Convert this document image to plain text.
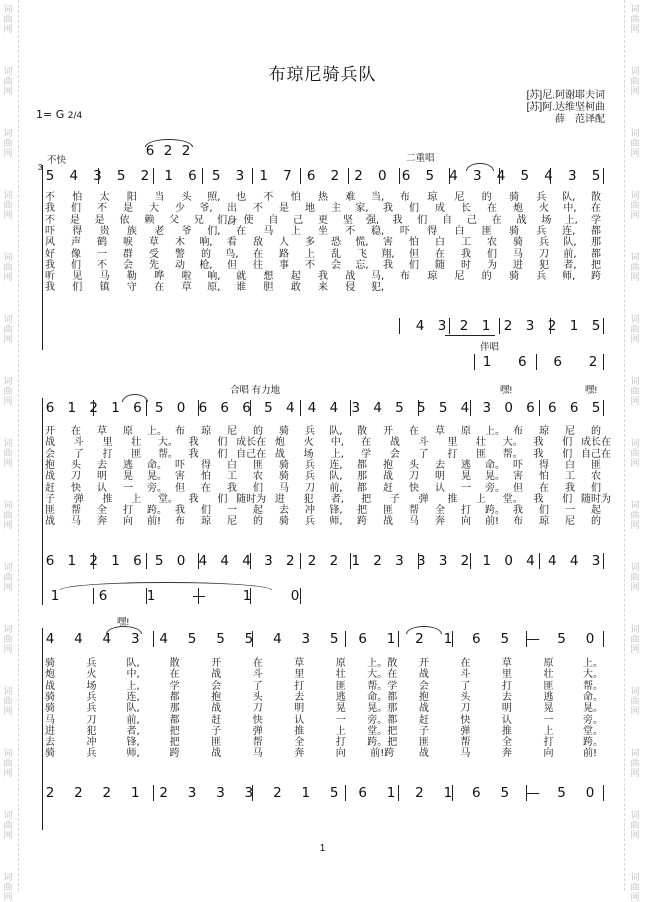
词
曲
网
词
曲
网
词
曲
网
词
曲
网
词
曲
网
词
曲
网
词
曲
网
词
曲
网
词
曲
网
词
曲
网
词
曲
网
词
曲
网
词
曲
网
词
曲
网
词
曲
网
词
曲
网
词
曲
网
词
曲
网
词
曲
网
词
曲
网
词
曲
网
词
曲
网
词
曲
网
词
曲
网
词
曲
网
词
曲
网
词
曲
网
词
曲
网
词
曲
网
词
曲
网
布琼尼骑兵队
[苏]尼.阿谢耶夫词
[苏]阿.达维坚柯曲
薛　范译配
1= G 2/4
不快
3
二重唱
伴唱
合唱 有力地	嘿!	嘿!
嘿!
5 4 3 5 2 1 6 5 3 1 7 6 2 2 0 6 5 4 3 4 5 4 3 5
6 2 2
不 怕 太 阳 当 头 照, 也 不 怕 热 难 当, 布 琼 尼 的 骑 兵 队, 散
我 们 不 是 大 少 爷, 出身
不 是 地 主 家, 我 们 成 长 在 炮 火 中, 在
不 是 是 依 赖 父 兄 们, 使 自 己 更 坚 强, 我 们 自 己 在 战 场 上, 学
吓 得 贵 族 老 爷 们, 在 马 上 坐 不 稳, 吓 得 白 匪 骑 兵 连, 都
风 声 鹤 唳 草 木 响, 看 敌 人 多 恐 慌, 害 怕 白 工 农 骑 兵 队, 那
好 像 一 群 受 警 的 鸟, 在 路 上 乱 飞 翔, 但 在 我 们 马 刀 前, 都
我 们 不 会 先 动 枪, 但 往 事 不 会 忘, 我 们 随 时 为 进 犯 者, 把
听 见 马 勒 哗 啦 响, 就 想 起 我 战 马, 布 琼 尼 的 骑 兵 师, 跨
我 们 镇 守 在 草 原, 谁 胆 敢 来 侵 犯,
4 3 2 1 2 3 2 1 5
1 6 6 2
6 1 2 1 6 5 0 6 6 6 5 4 4 4 3 4 5 5 5 4 3 0 6 6 6 5
开 在 草 原 上。 布 琼 尼 的 骑 兵 队, 散 开 在 草 原 上。 布 琼 尼 的
战 斗 里 壮 大。 我 们 成长在 炮 火 中, 在 战 斗 里 壮 大。 我 们 成长在
会 了 打 匪 帮。 我 们 自己在 战 场 上, 学 会 了 打 匪 帮。 我 们 自己在
抱 头 去 逃 命。 吓 得 白 匪 骑 兵 连, 都 抱 头 去 逃 命。 吓 得 白 匪
战 刀 明 晃 晃。 害 怕 工 农 骑 兵 队, 那 战 刀 明 晃 晃。 害 怕 工 农
赶 快 认 一 旁。 但 在 我 们 马 刀 前, 都 赶 快 认 一 旁。 但 在 我 们
子 弹 推 上 堂。 我 们 随时为 进 犯 者, 把 子 弹 推 上 堂。 我 们 随时为
匪 帮 全 打 跨。 我 们 一 起 去 冲 锋, 把 匪 帮 全 打 跨。 我 们 一 起
战 马 奔 向 前! 布 琼 尼 的 骑 兵 师, 跨 战 马 奔 向 前! 布 琼 尼 的
6 1 2 1 6 5 0 4 4 4 3 2 2 2 1 2 3 3 3 2 1 0 4 4 4 3
1	6	1	—	1	0
4 4 4 3 4 5 5 5 4 3 5 6 1 2 1 6 5 — 5 0
骑	兵	队,	散	开	在	草	原 上。散 开	在	草	原	上。
炮	火	中,	在	战	斗	里	壮 大。在 战	斗	里	壮	大。
战	场	上,	学	会	了	打	匪 帮。学 会	了	打	匪	帮。
骑	兵	连,	都	抱	头	去	逃 命。都 抱	头	去	逃	命。
骑	兵	队,	那	战	刀	明	晃 晃。那 战	刀	明	晃	晃。
马	刀	前,	都	赶	快	认	一 旁。都 赶	快	认	一	旁。
进	犯	者,	把	子	弹	推	上 堂。把 子	弹	推	上	堂。
去	冲	锋,	把	匪	帮	全	打 跨。把 匪	帮	全	打	跨。
骑	兵	师,	跨	战	马	奔	向 前!跨	战	马	奔	向	前!
2 2 2 1 2 3 3 3 2 1 5 6 1 2 1 6 5 — 5 0
1
